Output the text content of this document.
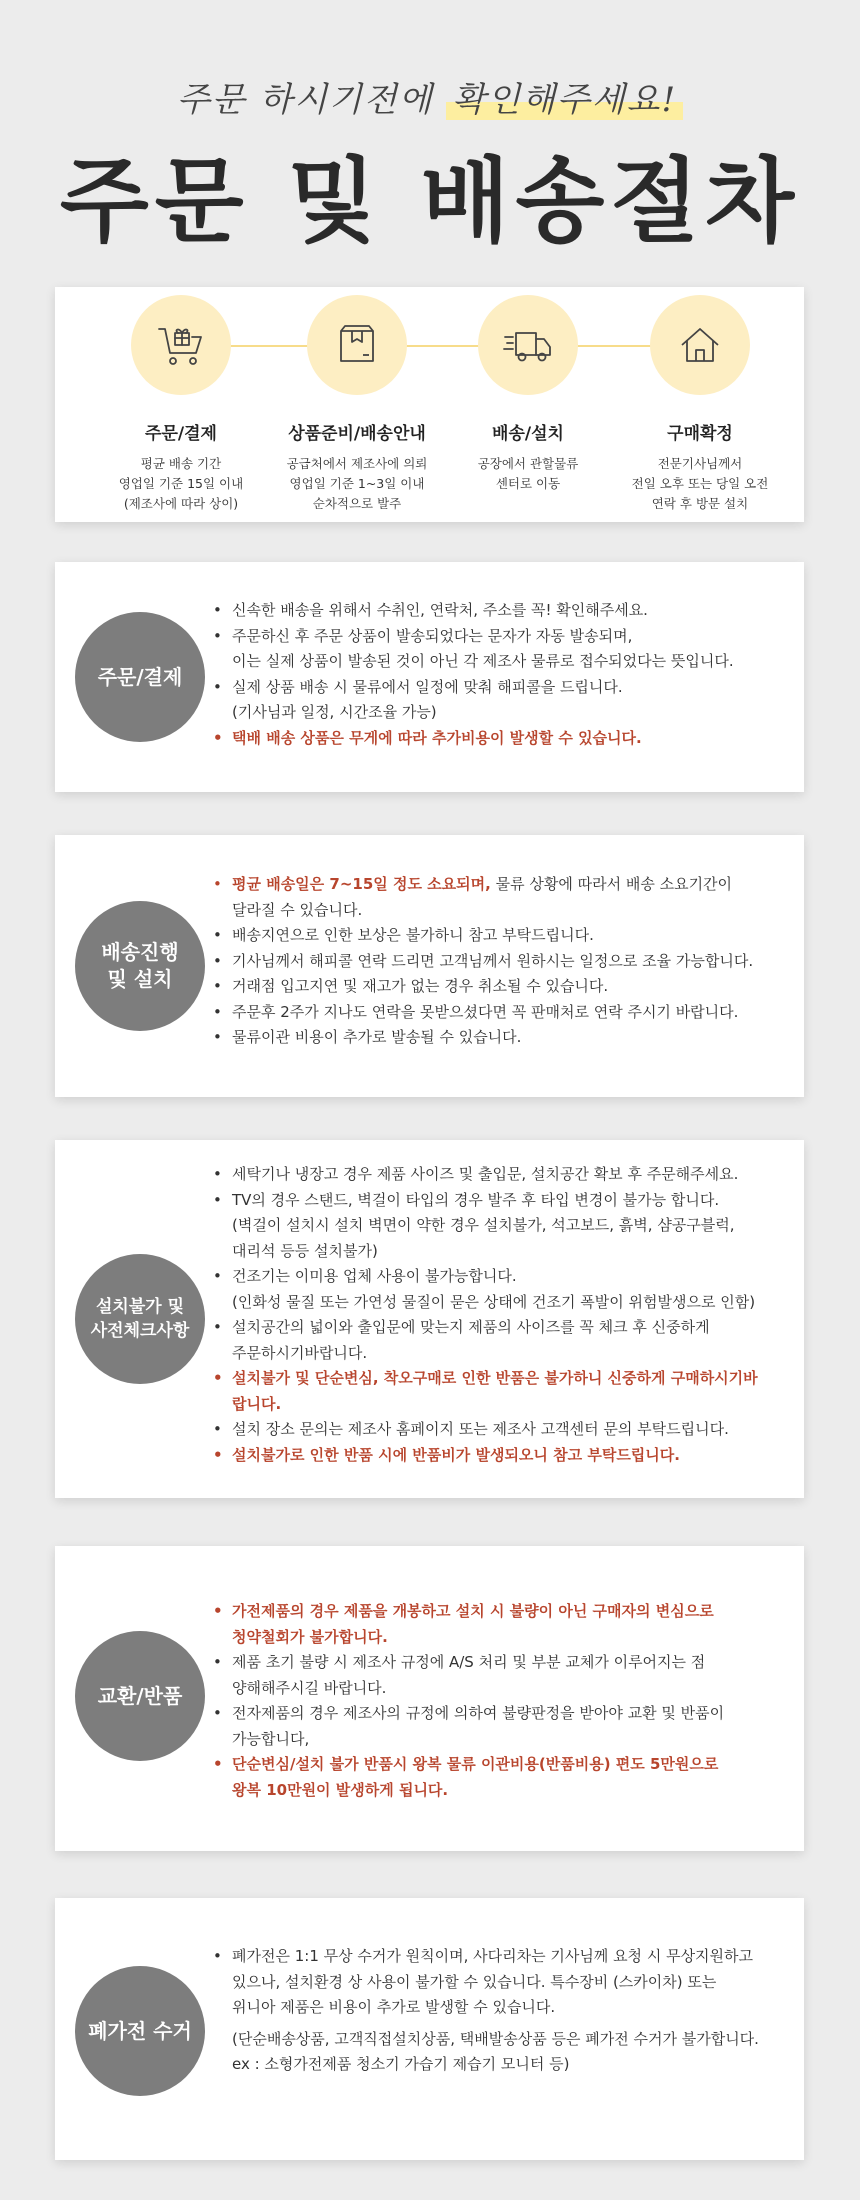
주문 하시기전에 확인해주세요!
주문 및 배송절차
주문/결제
평균 배송 기간
영업일 기준 15일 이내
(제조사에 따라 상이)
상품준비/배송안내
공급처에서 제조사에 의뢰
영업일 기준 1~3일 이내
순차적으로 발주
배송/설치
공장에서 관할물류
센터로 이동
구매확정
전문기사님께서
전일 오후 또는 당일 오전
연락 후 방문 설치
주문/결제
• 신속한 배송을 위해서 수취인, 연락처, 주소를 꼭! 확인해주세요.
• 주문하신 후 주문 상품이 발송되었다는 문자가 자동 발송되며,
이는 실제 상품이 발송된 것이 아닌 각 제조사 물류로 접수되었다는 뜻입니다.
• 실제 상품 배송 시 물류에서 일정에 맞춰 해피콜을 드립니다.
(기사님과 일정, 시간조율 가능)
• 택배 배송 상품은 무게에 따라 추가비용이 발생할 수 있습니다.
배송진행
및 설치
• 평균 배송일은 7~15일 정도 소요되며, 물류 상황에 따라서 배송 소요기간이
달라질 수 있습니다.
• 배송지연으로 인한 보상은 불가하니 참고 부탁드립니다.
• 기사님께서 해피콜 연락 드리면 고객님께서 원하시는 일정으로 조율 가능합니다.
• 거래점 입고지연 및 재고가 없는 경우 취소될 수 있습니다.
• 주문후 2주가 지나도 연락을 못받으셨다면 꼭 판매처로 연락 주시기 바랍니다.
• 물류이관 비용이 추가로 발송될 수 있습니다.
설치불가 및
사전체크사항
• 세탁기나 냉장고 경우 제품 사이즈 및 출입문, 설치공간 확보 후 주문해주세요.
• TV의 경우 스탠드, 벽걸이 타입의 경우 발주 후 타입 변경이 불가능 합니다.
(벽걸이 설치시 설치 벽면이 약한 경우 설치불가, 석고보드, 흙벽, 샴공구블럭,
대리석 등등 설치불가)
• 건조기는 이미용 업체 사용이 불가능합니다.
(인화성 물질 또는 가연성 물질이 묻은 상태에 건조기 폭발이 위험발생으로 인함)
• 설치공간의 넓이와 출입문에 맞는지 제품의 사이즈를 꼭 체크 후 신중하게
주문하시기바랍니다.
• 설치불가 및 단순변심, 착오구매로 인한 반품은 불가하니 신중하게 구매하시기바
랍니다.
• 설치 장소 문의는 제조사 홈페이지 또는 제조사 고객센터 문의 부탁드립니다.
• 설치불가로 인한 반품 시에 반품비가 발생되오니 참고 부탁드립니다.
교환/반품
• 가전제품의 경우 제품을 개봉하고 설치 시 불량이 아닌 구매자의 변심으로
청약철회가 불가합니다.
• 제품 초기 불량 시 제조사 규정에 A/S 처리 및 부분 교체가 이루어지는 점
양해해주시길 바랍니다.
• 전자제품의 경우 제조사의 규정에 의하여 불량판정을 받아야 교환 및 반품이
가능합니다,
• 단순변심/설치 불가 반품시 왕복 물류 이관비용(반품비용) 편도 5만원으로
왕복 10만원이 발생하게 됩니다.
폐가전 수거
• 폐가전은 1:1 무상 수거가 원칙이며, 사다리차는 기사님께 요청 시 무상지원하고
있으나, 설치환경 상 사용이 불가할 수 있습니다. 특수장비 (스카이차) 또는
위니아 제품은 비용이 추가로 발생할 수 있습니다.
(단순배송상품, 고객직접설치상품, 택배발송상품 등은 폐가전 수거가 불가합니다.
ex : 소형가전제품 청소기 가습기 제습기 모니터 등)
